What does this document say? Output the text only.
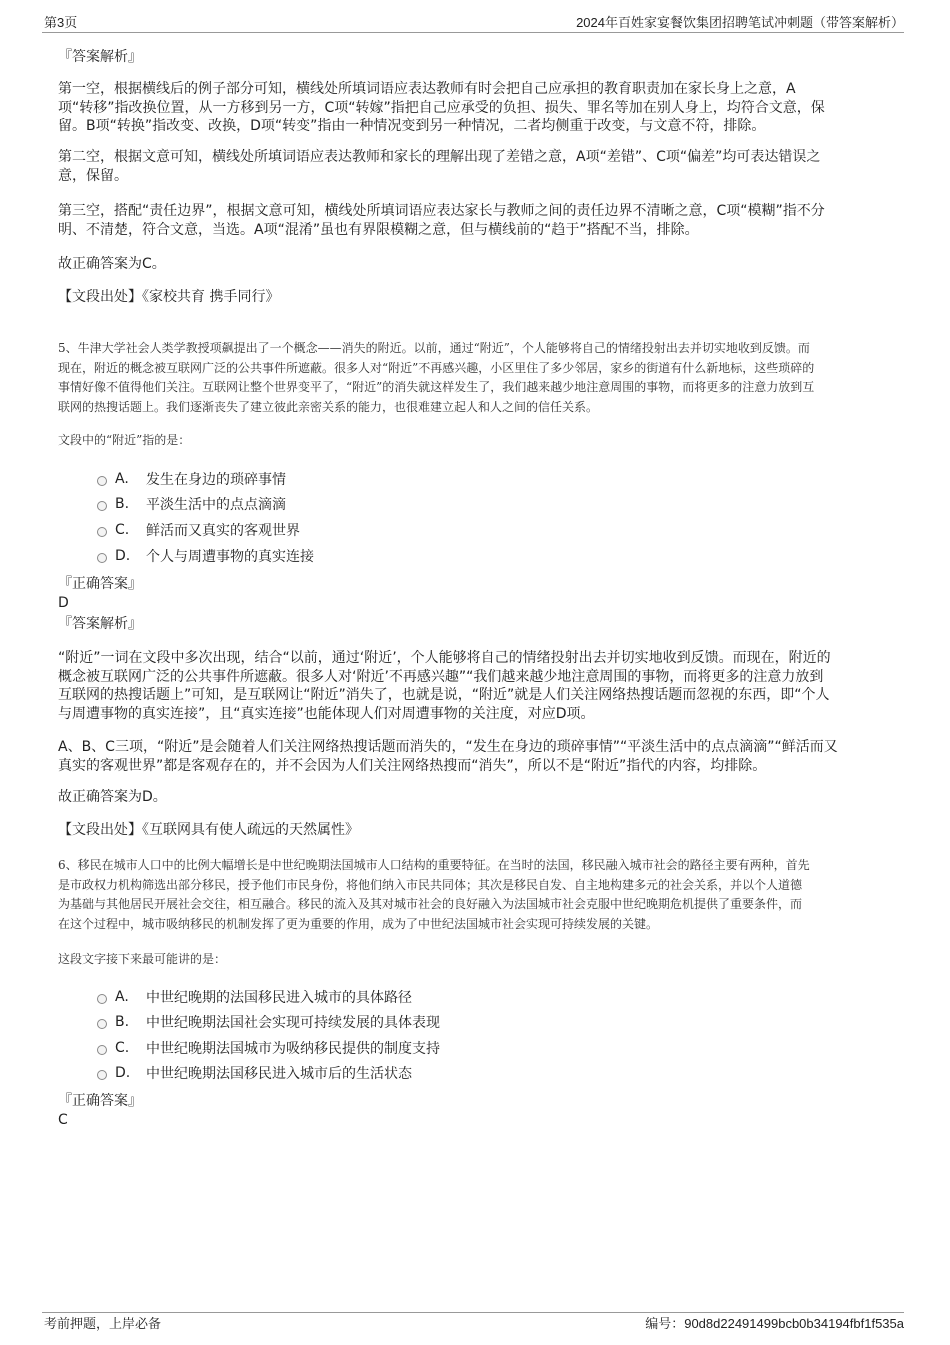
第3页	2024年百姓家宴餐饮集团招聘笔试冲刺题（带答案解析）
『答案解析』
第一空，根据横线后的例子部分可知，横线处所填词语应表达教师有时会把自己应承担的教育职责加在家长身上之意，A
项“转移”指改换位置，从一方移到另一方，C项“转嫁”指把自己应承受的负担、损失、罪名等加在别人身上，均符合文意，保
留。B项“转换”指改变、改换，D项“转变”指由一种情况变到另一种情况，二者均侧重于改变，与文意不符，排除。
第二空，根据文意可知，横线处所填词语应表达教师和家长的理解出现了差错之意，A项“差错”、C项“偏差”均可表达错误之
意，保留。
第三空，搭配“责任边界”，根据文意可知，横线处所填词语应表达家长与教师之间的责任边界不清晰之意，C项“模糊”指不分
明、不清楚，符合文意，当选。A项“混淆”虽也有界限模糊之意，但与横线前的“趋于”搭配不当，排除。
故正确答案为C。
【文段出处】《家校共育 携手同行》
5、牛津大学社会人类学教授项飙提出了一个概念——消失的附近。以前，通过“附近”，个人能够将自己的情绪投射出去并切实地收到反馈。而
现在，附近的概念被互联网广泛的公共事件所遮蔽。很多人对“附近”不再感兴趣，小区里住了多少邻居，家乡的街道有什么新地标，这些琐碎的
事情好像不值得他们关注。互联网让整个世界变平了，“附近”的消失就这样发生了，我们越来越少地注意周围的事物，而将更多的注意力放到互
联网的热搜话题上。我们逐渐丧失了建立彼此亲密关系的能力，也很难建立起人和人之间的信任关系。
文段中的“附近”指的是：
A.	发生在身边的琐碎事情
B.	平淡生活中的点点滴滴
C.	鲜活而又真实的客观世界
D.	个人与周遭事物的真实连接
『正确答案』
D
『答案解析』
“附近”一词在文段中多次出现，结合“以前，通过‘附近’，个人能够将自己的情绪投射出去并切实地收到反馈。而现在，附近的
概念被互联网广泛的公共事件所遮蔽。很多人对‘附近’不再感兴趣”“我们越来越少地注意周围的事物，而将更多的注意力放到
互联网的热搜话题上”可知，是互联网让“附近”消失了，也就是说，“附近”就是人们关注网络热搜话题而忽视的东西，即“个人
与周遭事物的真实连接”，且“真实连接”也能体现人们对周遭事物的关注度，对应D项。
A、B、C三项，“附近”是会随着人们关注网络热搜话题而消失的，“发生在身边的琐碎事情”“平淡生活中的点点滴滴”“鲜活而又
真实的客观世界”都是客观存在的，并不会因为人们关注网络热搜而“消失”，所以不是“附近”指代的内容，均排除。
故正确答案为D。
【文段出处】《互联网具有使人疏远的天然属性》
6、移民在城市人口中的比例大幅增长是中世纪晚期法国城市人口结构的重要特征。在当时的法国，移民融入城市社会的路径主要有两种，首先
是市政权力机构筛选出部分移民，授予他们市民身份，将他们纳入市民共同体；其次是移民自发、自主地构建多元的社会关系，并以个人道德
为基础与其他居民开展社会交往，相互融合。移民的流入及其对城市社会的良好融入为法国城市社会克服中世纪晚期危机提供了重要条件，而
在这个过程中，城市吸纳移民的机制发挥了更为重要的作用，成为了中世纪法国城市社会实现可持续发展的关键。
这段文字接下来最可能讲的是：
A.	中世纪晚期的法国移民进入城市的具体路径
B.	中世纪晚期法国社会实现可持续发展的具体表现
C.	中世纪晚期法国城市为吸纳移民提供的制度支持
D.	中世纪晚期法国移民进入城市后的生活状态
『正确答案』
C
考前押题，上岸必备	编号：90d8d22491499bcb0b34194fbf1f535a
